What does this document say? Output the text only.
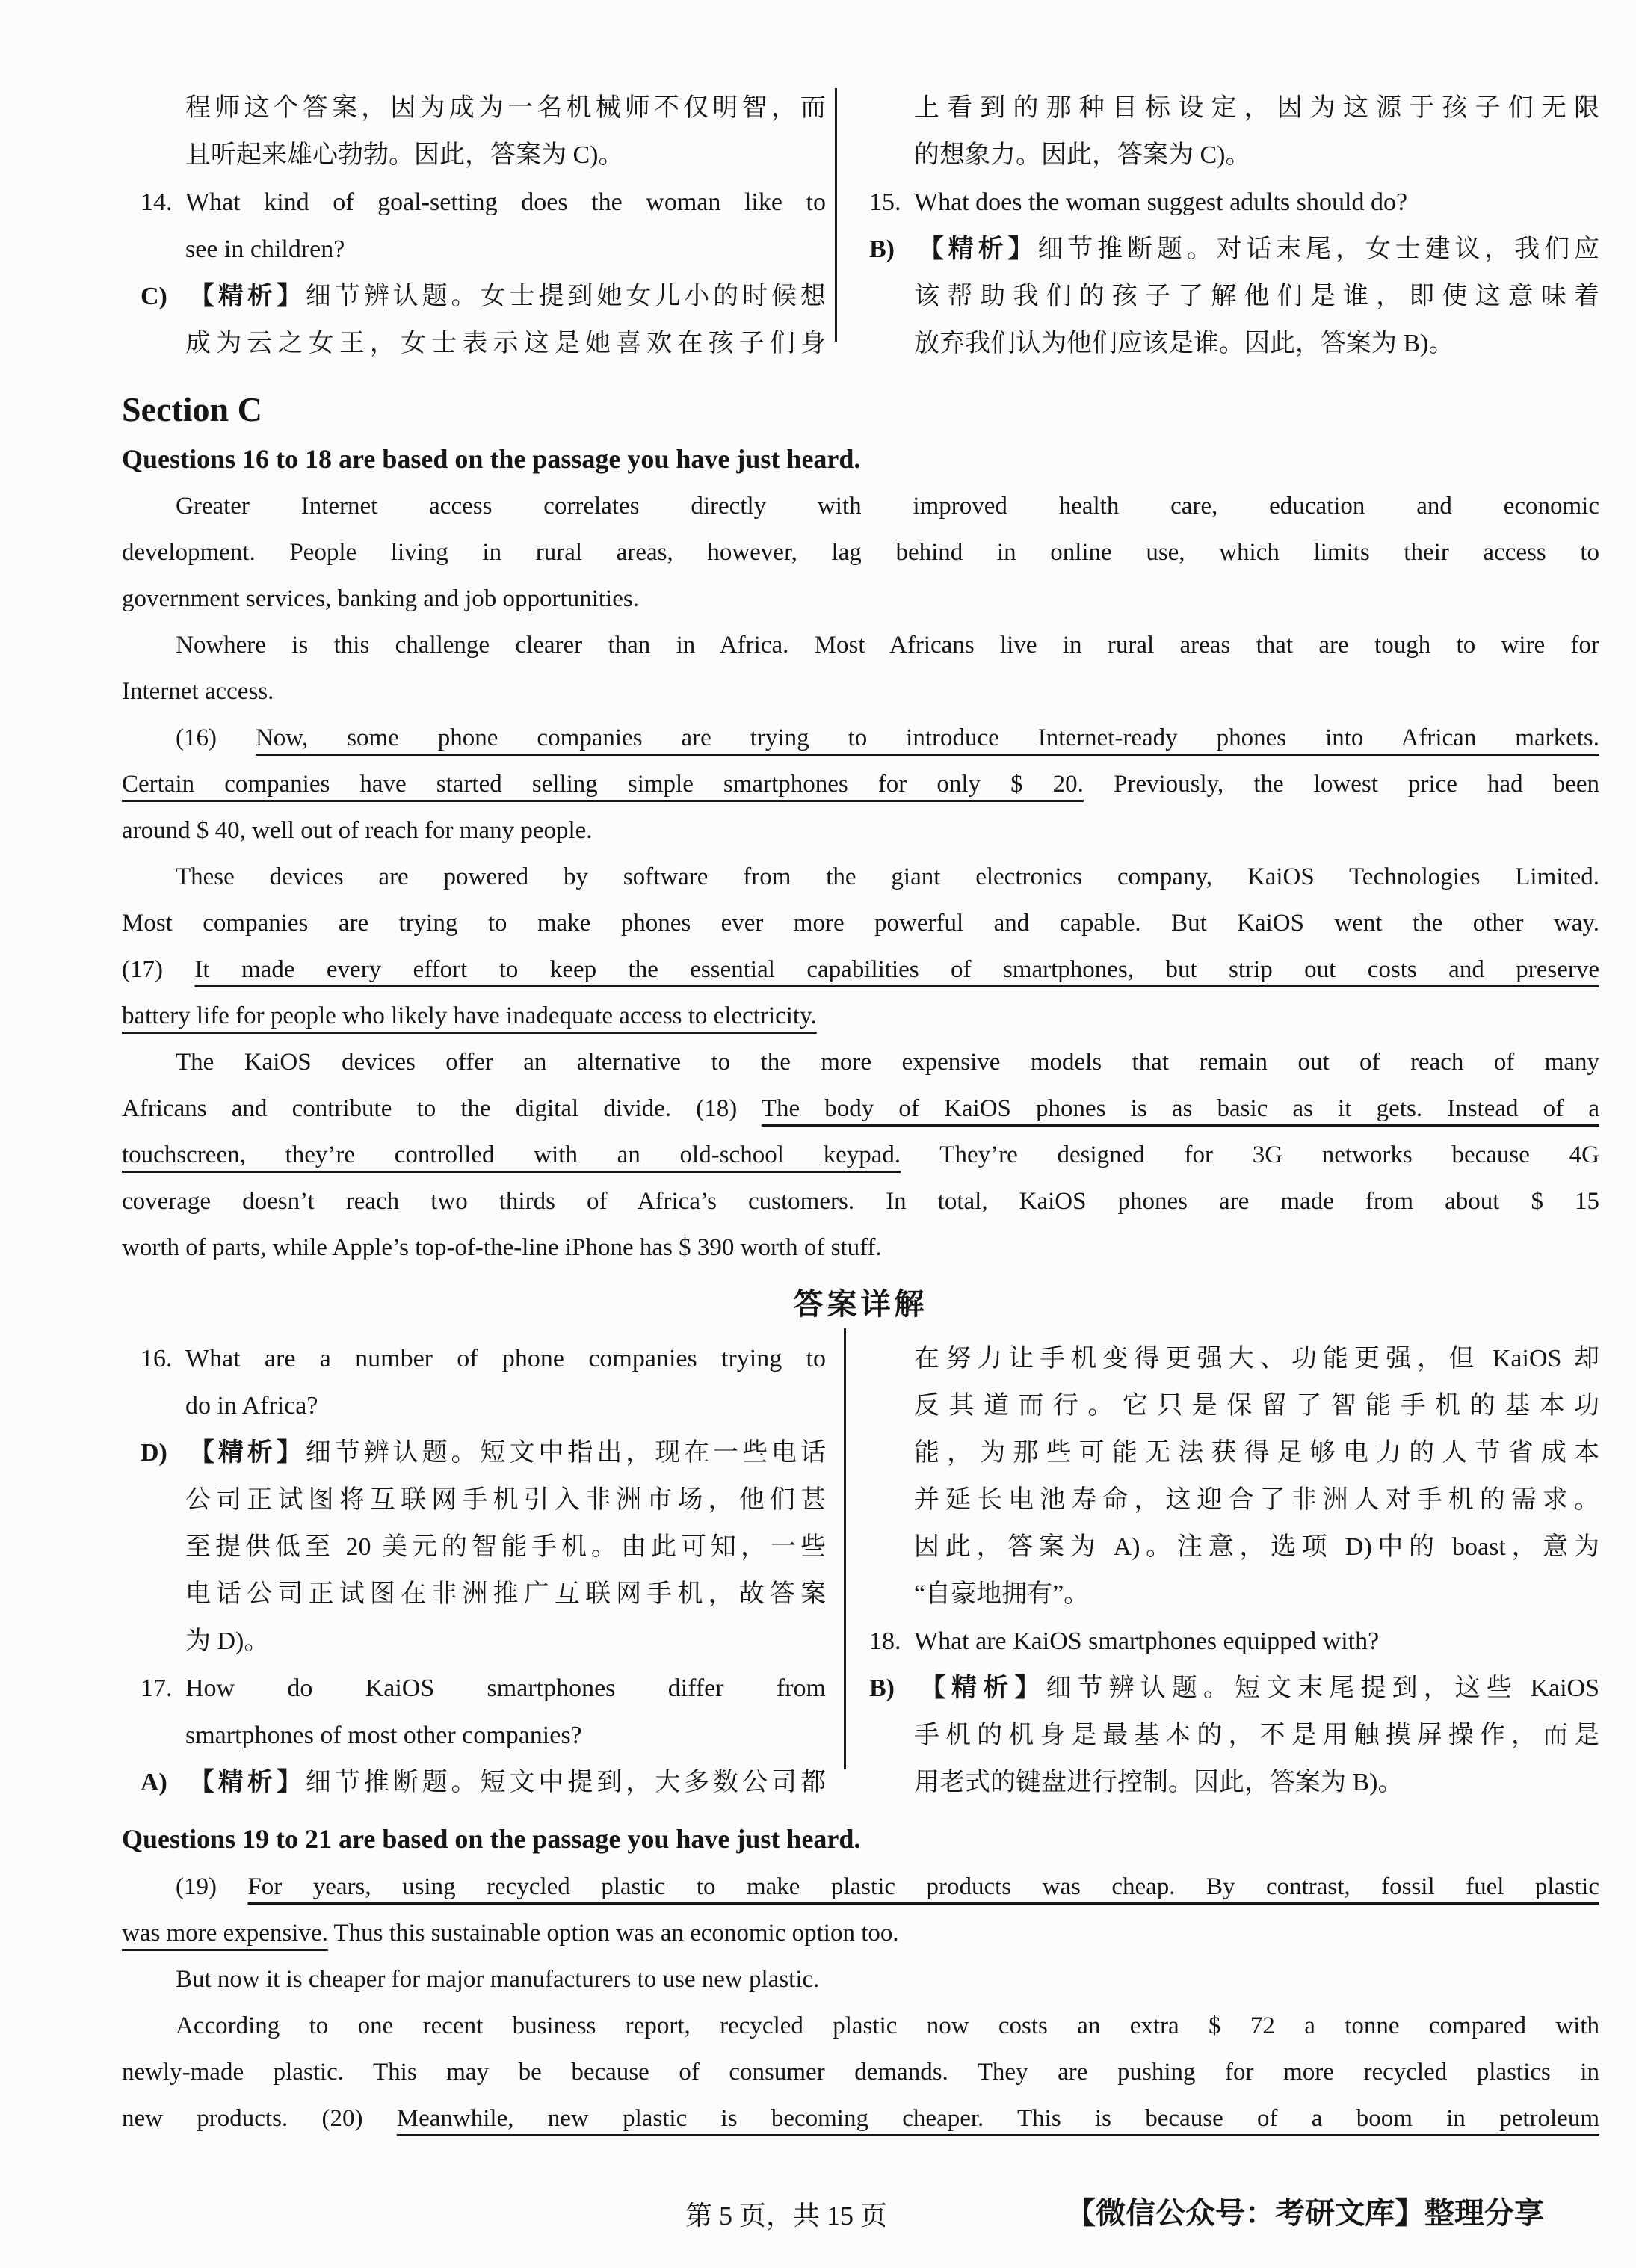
程师这个答案，因为成为一名机械师不仅明智，而
且听起来雄心勃勃。因此，答案为 C)。
14. What kind of goal-setting does the woman like to
see in children?
C) 【精析】细节辨认题。女士提到她女儿小的时候想
成为云之女王，女士表示这是她喜欢在孩子们身
上看到的那种目标设定，因为这源于孩子们无限
的想象力。因此，答案为 C)。
15. What does the woman suggest adults should do?
B) 【精析】细节推断题。对话末尾，女士建议，我们应
该帮助我们的孩子了解他们是谁，即使这意味着
放弃我们认为他们应该是谁。因此，答案为 B)。
Section C
Questions 16 to 18 are based on the passage you have just heard.
Greater Internet access correlates directly with improved health care, education and economic
development. People living in rural areas, however, lag behind in online use, which limits their access to
government services, banking and job opportunities.
Nowhere is this challenge clearer than in Africa. Most Africans live in rural areas that are tough to wire for
Internet access.
(16) Now, some phone companies are trying to introduce Internet-ready phones into African markets.
Certain companies have started selling simple smartphones for only $ 20. Previously, the lowest price had been
around $ 40, well out of reach for many people.
These devices are powered by software from the giant electronics company, KaiOS Technologies Limited.
Most companies are trying to make phones ever more powerful and capable. But KaiOS went the other way.
(17) It made every effort to keep the essential capabilities of smartphones, but strip out costs and preserve
battery life for people who likely have inadequate access to electricity.
The KaiOS devices offer an alternative to the more expensive models that remain out of reach of many
Africans and contribute to the digital divide. (18) The body of KaiOS phones is as basic as it gets. Instead of a
touchscreen, they’re controlled with an old-school keypad. They’re designed for 3G networks because 4G
coverage doesn’t reach two thirds of Africa’s customers. In total, KaiOS phones are made from about $ 15
worth of parts, while Apple’s top-of-the-line iPhone has $ 390 worth of stuff.
答案详解
16. What are a number of phone companies trying to
do in Africa?
D) 【精析】细节辨认题。短文中指出，现在一些电话
公司正试图将互联网手机引入非洲市场，他们甚
至提供低至 20 美元的智能手机。由此可知，一些
电话公司正试图在非洲推广互联网手机，故答案
为 D)。
17. How do KaiOS smartphones differ from
smartphones of most other companies?
A) 【精析】细节推断题。短文中提到，大多数公司都
在努力让手机变得更强大、功能更强，但 KaiOS 却
反其道而行。它只是保留了智能手机的基本功
能，为那些可能无法获得足够电力的人节省成本
并延长电池寿命，这迎合了非洲人对手机的需求。
因此，答案为 A)。注意，选项 D)中的 boast，意为
“自豪地拥有”。
18. What are KaiOS smartphones equipped with?
B) 【精析】细节辨认题。短文末尾提到，这些 KaiOS
手机的机身是最基本的，不是用触摸屏操作，而是
用老式的键盘进行控制。因此，答案为 B)。
Questions 19 to 21 are based on the passage you have just heard.
(19) For years, using recycled plastic to make plastic products was cheap. By contrast, fossil fuel plastic
was more expensive. Thus this sustainable option was an economic option too.
But now it is cheaper for major manufacturers to use new plastic.
According to one recent business report, recycled plastic now costs an extra $ 72 a tonne compared with
newly-made plastic. This may be because of consumer demands. They are pushing for more recycled plastics in
new products. (20) Meanwhile, new plastic is becoming cheaper. This is because of a boom in petroleum
第 5 页，共 15 页	【微信公众号：考研文库】整理分享
